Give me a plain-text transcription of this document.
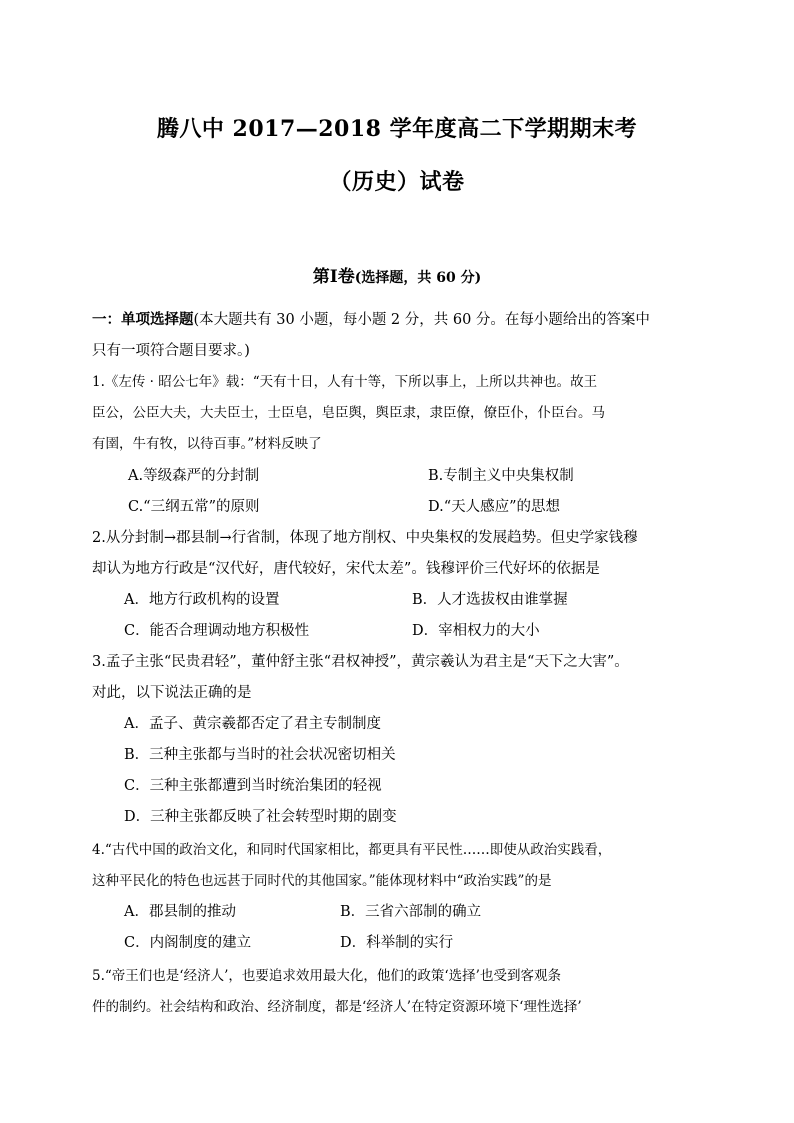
腾八中 2017—2018 学年度高二下学期期末考
（历史）试卷
第Ⅰ卷(选择题，共 60 分)
一：单项选择题(本大题共有 30 小题，每小题 2 分，共 60 分。在每小题给出的答案中
只有一项符合题目要求。)
1.《左传 · 昭公七年》载：“天有十日，人有十等，下所以事上，上所以共神也。故王
臣公，公臣大夫，大夫臣士，士臣皂，皂臣舆，舆臣隶，隶臣僚，僚臣仆，仆臣台。马
有圉，牛有牧，以待百事。”材料反映了
A.等级森严的分封制	B.专制主义中央集权制
C.“三纲五常”的原则	D.“天人感应”的思想
2.从分封制→郡县制→行省制，体现了地方削权、中央集权的发展趋势。但史学家钱穆
却认为地方行政是“汉代好，唐代较好，宋代太差”。钱穆评价三代好坏的依据是
A．地方行政机构的设置	B．人才选拔权由谁掌握
C．能否合理调动地方积极性	D．宰相权力的大小
3.孟子主张“民贵君轻”，董仲舒主张“君权神授”，黄宗羲认为君主是“天下之大害”。
对此，以下说法正确的是
A．孟子、黄宗羲都否定了君主专制制度
B．三种主张都与当时的社会状况密切相关
C．三种主张都遭到当时统治集团的轻视
D．三种主张都反映了社会转型时期的剧变
4.“古代中国的政治文化，和同时代国家相比，都更具有平民性……即使从政治实践看，
这种平民化的特色也远甚于同时代的其他国家。”能体现材料中“政治实践”的是
A．郡县制的推动	B．三省六部制的确立
C．内阁制度的建立	D．科举制的实行
5.“帝王们也是‘经济人’，也要追求效用最大化，他们的政策‘选择’也受到客观条
件的制约。社会结构和政治、经济制度，都是‘经济人’在特定资源环境下‘理性选择’
